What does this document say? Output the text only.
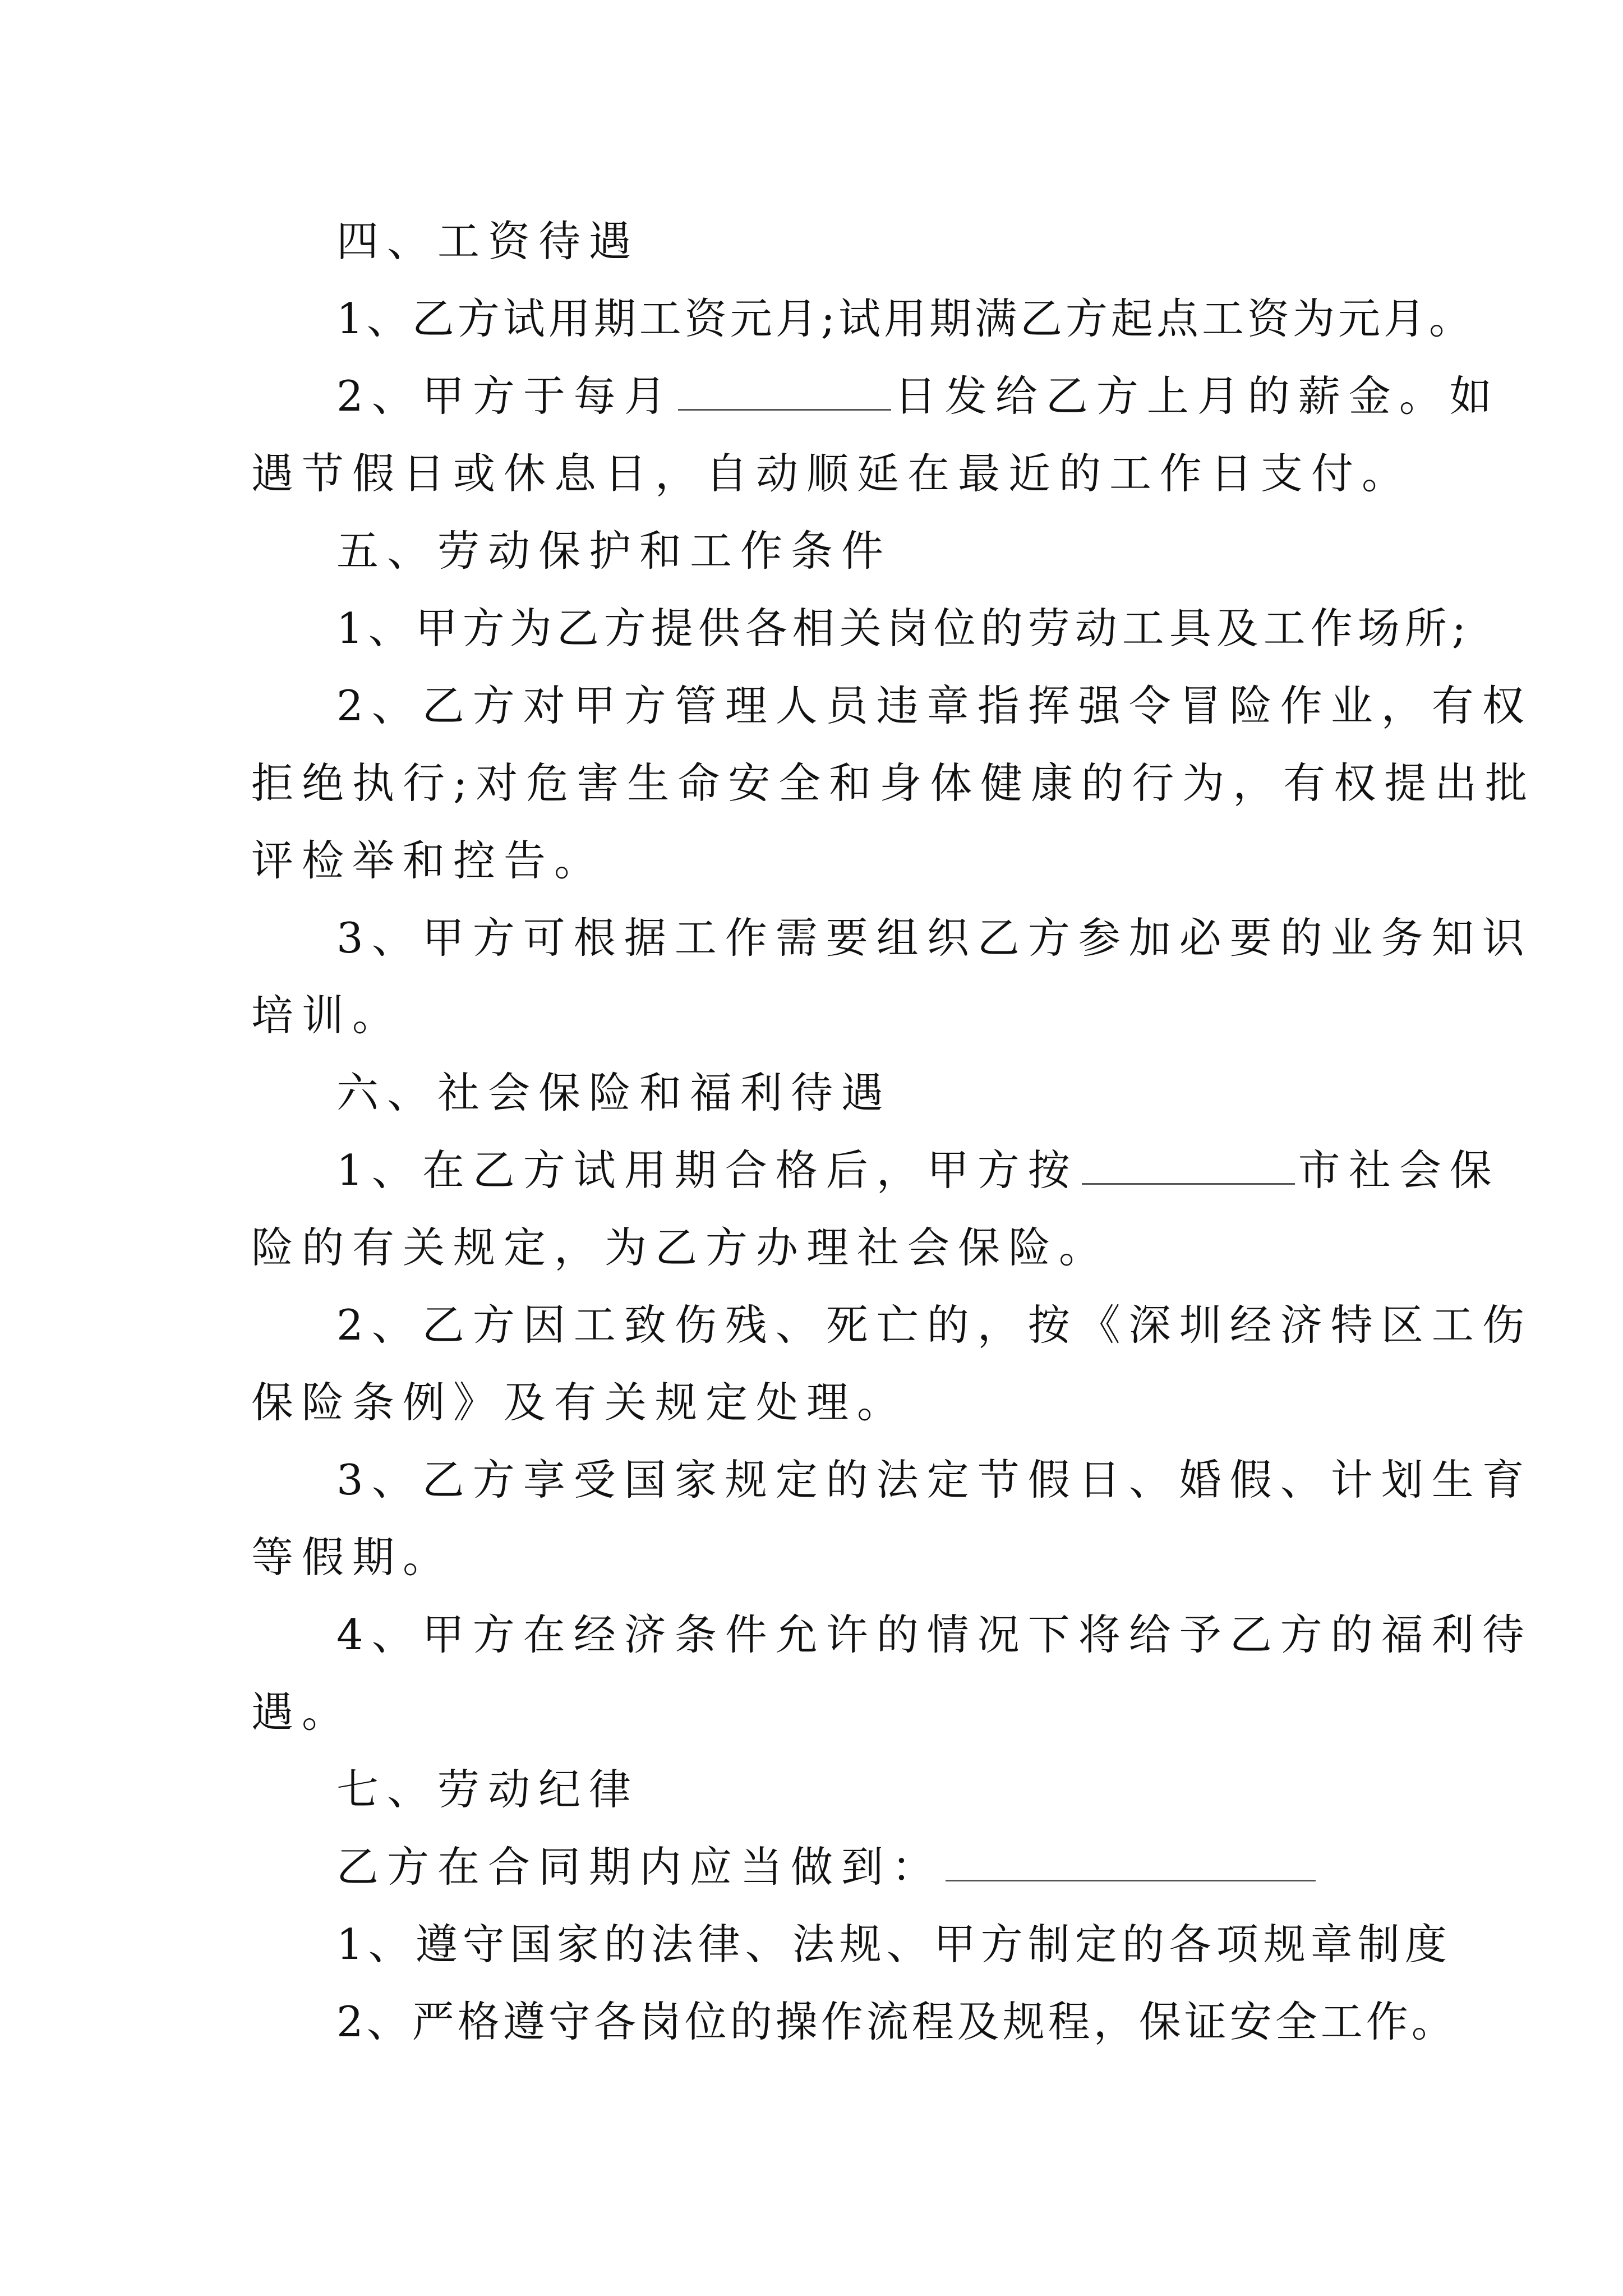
四、工资待遇
1、乙方试用期工资元月;试用期满乙方起点工资为元月。
2、甲方于每月	日发给乙方上月的薪金。如
遇节假日或休息日，自动顺延在最近的工作日支付。
五、劳动保护和工作条件
1、甲方为乙方提供各相关岗位的劳动工具及工作场所;
2、乙方对甲方管理人员违章指挥强令冒险作业，有权
拒绝执行;对危害生命安全和身体健康的行为，有权提出批
评检举和控告。
3、甲方可根据工作需要组织乙方参加必要的业务知识
培训。
六、社会保险和福利待遇
1、在乙方试用期合格后，甲方按	市社会保
险的有关规定，为乙方办理社会保险。
2、乙方因工致伤残、死亡的，按《深圳经济特区工伤
保险条例》及有关规定处理。
3、乙方享受国家规定的法定节假日、婚假、计划生育
等假期。
4、甲方在经济条件允许的情况下将给予乙方的福利待
遇。
七、劳动纪律
乙方在合同期内应当做到：
1、遵守国家的法律、法规、甲方制定的各项规章制度
2、严格遵守各岗位的操作流程及规程，保证安全工作。
